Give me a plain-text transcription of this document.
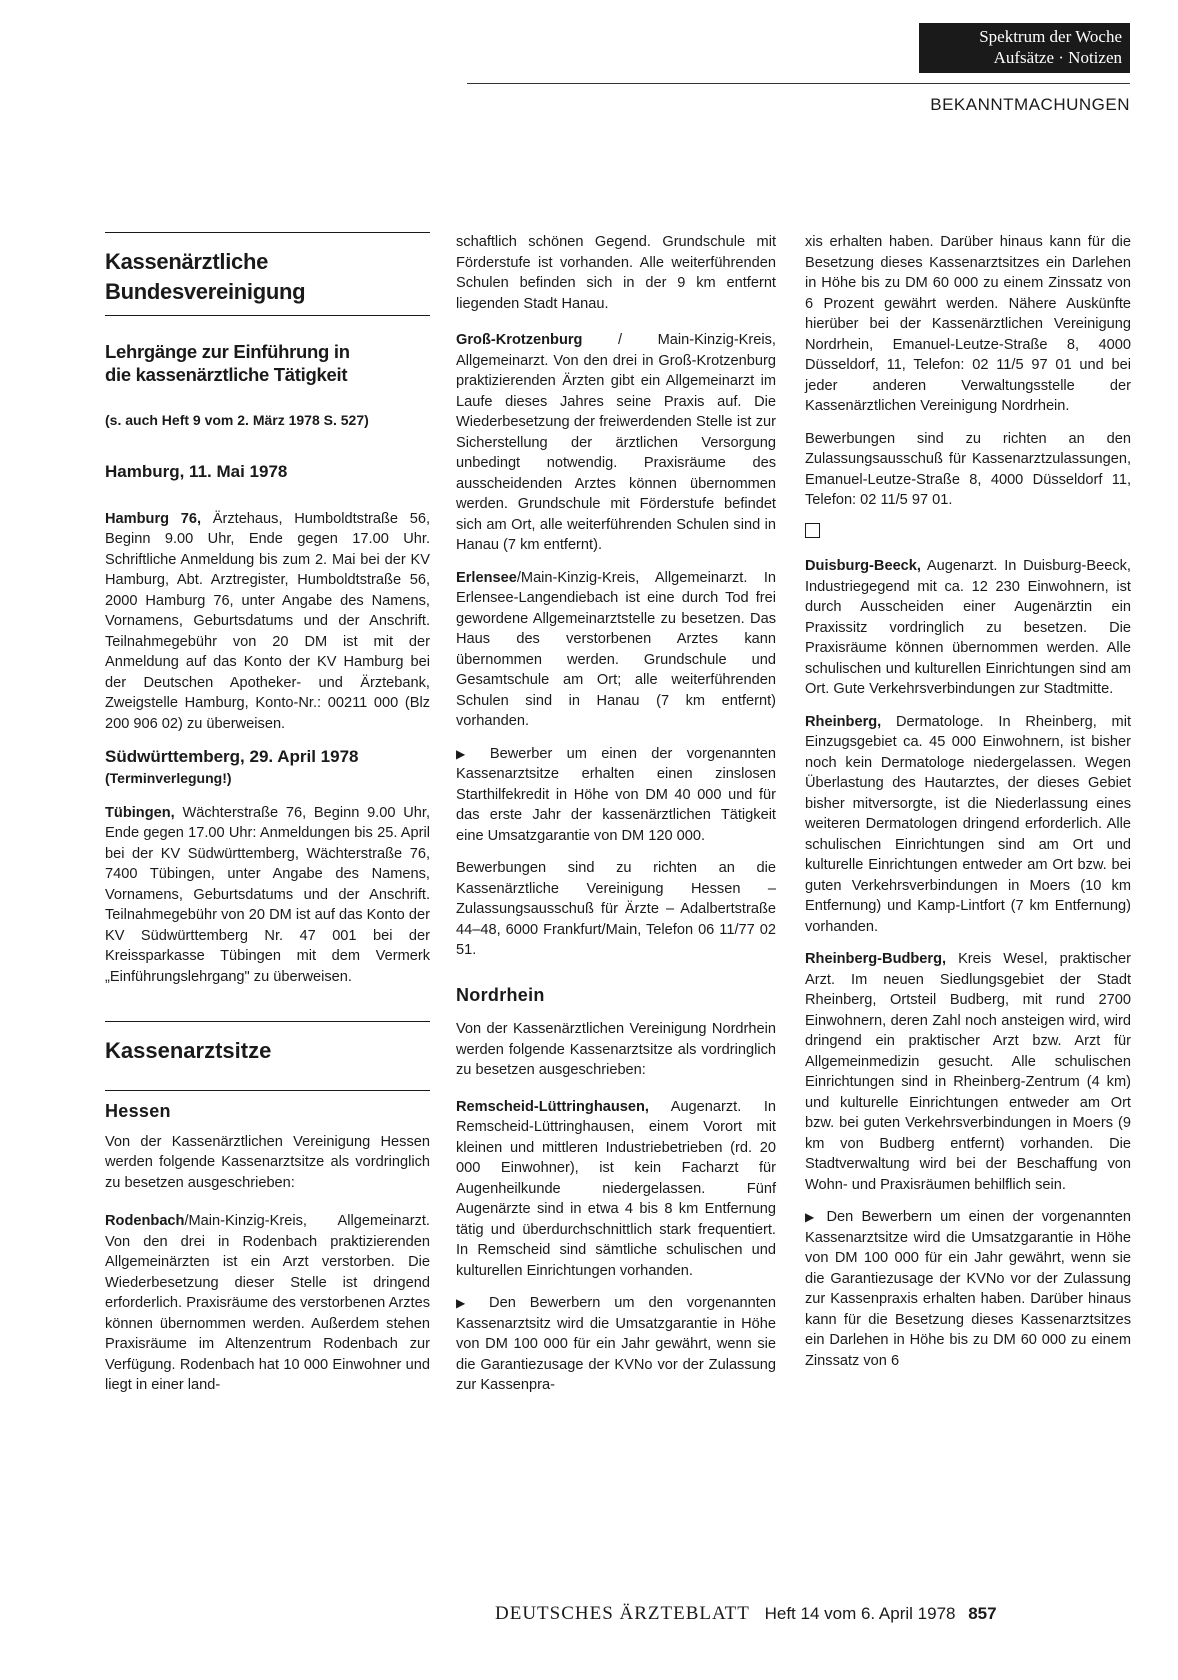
Spektrum der Woche
Aufsätze · Notizen
BEKANNTMACHUNGEN
Kassenärztliche Bundesvereinigung
Lehrgänge zur Einführung in die kassenärztliche Tätigkeit

(s. auch Heft 9 vom 2. März 1978 S. 527)

Hamburg, 11. Mai 1978

Hamburg 76, Ärztehaus, Humboldtstraße 56, Beginn 9.00 Uhr, Ende gegen 17.00 Uhr. Schriftliche Anmeldung bis zum 2. Mai bei der KV Hamburg, Abt. Arztregister, Humboldtstraße 56, 2000 Hamburg 76, unter Angabe des Namens, Vornamens, Geburtsdatums und der Anschrift. Teilnahmegebühr von 20 DM ist mit der Anmeldung auf das Konto der KV Hamburg bei der Deutschen Apotheker- und Ärztebank, Zweigstelle Hamburg, Konto-Nr.: 00211 000 (Blz 200 906 02) zu überweisen.

Südwürttemberg, 29. April 1978

(Terminverlegung!)

Tübingen, Wächterstraße 76, Beginn 9.00 Uhr, Ende gegen 17.00 Uhr: Anmeldungen bis 25. April bei der KV Südwürttemberg, Wächterstraße 76, 7400 Tübingen, unter Angabe des Namens, Vornamens, Geburtsdatums und der Anschrift. Teilnahmegebühr von 20 DM ist auf das Konto der KV Südwürttemberg Nr. 47 001 bei der Kreissparkasse Tübingen mit dem Vermerk „Einführungslehrgang" zu überweisen.

Kassenarztsitze

Hessen

Von der Kassenärztlichen Vereinigung Hessen werden folgende Kassenarztsitze als vordringlich zu besetzen ausgeschrieben:

Rodenbach/Main-Kinzig-Kreis, Allgemeinarzt. Von den drei in Rodenbach praktizierenden Allgemeinärzten ist ein Arzt verstorben. Die Wiederbesetzung dieser Stelle ist dringend erforderlich. Praxisräume des verstorbenen Arztes können übernommen werden. Außerdem stehen Praxisräume im Altenzentrum Rodenbach zur Verfügung. Rodenbach hat 10 000 Einwohner und liegt in einer land-

schaftlich schönen Gegend. Grundschule mit Förderstufe ist vorhanden. Alle weiterführenden Schulen befinden sich in der 9 km entfernt liegenden Stadt Hanau.

Groß-Krotzenburg / Main-Kinzig-Kreis, Allgemeinarzt. Von den drei in Groß-Krotzenburg praktizierenden Ärzten gibt ein Allgemeinarzt im Laufe dieses Jahres seine Praxis auf. Die Wiederbesetzung der freiwerdenden Stelle ist zur Sicherstellung der ärztlichen Versorgung unbedingt notwendig. Praxisräume des ausscheidenden Arztes können übernommen werden. Grundschule mit Förderstufe befindet sich am Ort, alle weiterführenden Schulen sind in Hanau (7 km entfernt).

Erlensee/Main-Kinzig-Kreis, Allgemeinarzt. In Erlensee-Langendiebach ist eine durch Tod frei gewordene Allgemeinarztstelle zu besetzen. Das Haus des verstorbenen Arztes kann übernommen werden. Grundschule und Gesamtschule am Ort; alle weiterführenden Schulen sind in Hanau (7 km entfernt) vorhanden.

▶ Bewerber um einen der vorgenannten Kassenarztsitze erhalten einen zinslosen Starthilfekredit in Höhe von DM 40 000 und für das erste Jahr der kassenärztlichen Tätigkeit eine Umsatzgarantie von DM 120 000.

Bewerbungen sind zu richten an die Kassenärztliche Vereinigung Hessen – Zulassungsausschuß für Ärzte – Adalbertstraße 44–48, 6000 Frankfurt/Main, Telefon 06 11/77 02 51.

Nordrhein

Von der Kassenärztlichen Vereinigung Nordrhein werden folgende Kassenarztsitze als vordringlich zu besetzen ausgeschrieben:

Remscheid-Lüttringhausen, Augenarzt. In Remscheid-Lüttringhausen, einem Vorort mit kleinen und mittleren Industriebetrieben (rd. 20 000 Einwohner), ist kein Facharzt für Augenheilkunde niedergelassen. Fünf Augenärzte sind in etwa 4 bis 8 km Entfernung tätig und überdurchschnittlich stark frequentiert. In Remscheid sind sämtliche schulischen und kulturellen Einrichtungen vorhanden.

▶ Den Bewerbern um den vorgenannten Kassenarztsitz wird die Umsatzgarantie in Höhe von DM 100 000 für ein Jahr gewährt, wenn sie die Garantiezusage der KVNo vor der Zulassung zur Kassenpra-

xis erhalten haben. Darüber hinaus kann für die Besetzung dieses Kassenarztsitzes ein Darlehen in Höhe bis zu DM 60 000 zu einem Zinssatz von 6 Prozent gewährt werden. Nähere Auskünfte hierüber bei der Kassenärztlichen Vereinigung Nordrhein, Emanuel-Leutze-Straße 8, 4000 Düsseldorf, 11, Telefon: 02 11/5 97 01 und bei jeder anderen Verwaltungsstelle der Kassenärztlichen Vereinigung Nordrhein.

Bewerbungen sind zu richten an den Zulassungsausschuß für Kassenarztzulassungen, Emanuel-Leutze-Straße 8, 4000 Düsseldorf 11, Telefon: 02 11/5 97 01.

Duisburg-Beeck, Augenarzt. In Duisburg-Beeck, Industriegegend mit ca. 12 230 Einwohnern, ist durch Ausscheiden einer Augenärztin ein Praxissitz vordringlich zu besetzen. Die Praxisräume können übernommen werden. Alle schulischen und kulturellen Einrichtungen sind am Ort. Gute Verkehrsverbindungen zur Stadtmitte.

Rheinberg, Dermatologe. In Rheinberg, mit Einzugsgebiet ca. 45 000 Einwohnern, ist bisher noch kein Dermatologe niedergelassen. Wegen Überlastung des Hautarztes, der dieses Gebiet bisher mitversorgte, ist die Niederlassung eines weiteren Dermatologen dringend erforderlich. Alle schulischen Einrichtungen sind am Ort und kulturelle Einrichtungen entweder am Ort bzw. bei guten Verkehrsverbindungen in Moers (10 km Entfernung) und Kamp-Lintfort (7 km Entfernung) vorhanden.

Rheinberg-Budberg, Kreis Wesel, praktischer Arzt. Im neuen Siedlungsgebiet der Stadt Rheinberg, Ortsteil Budberg, mit rund 2700 Einwohnern, deren Zahl noch ansteigen wird, wird dringend ein praktischer Arzt bzw. Arzt für Allgemeinmedizin gesucht. Alle schulischen Einrichtungen sind in Rheinberg-Zentrum (4 km) und kulturelle Einrichtungen entweder am Ort bzw. bei guten Verkehrsverbindungen in Moers (9 km von Budberg entfernt) vorhanden. Die Stadtverwaltung wird bei der Beschaffung von Wohn- und Praxisräumen behilflich sein.

▶ Den Bewerbern um einen der vorgenannten Kassenarztsitze wird die Umsatzgarantie in Höhe von DM 100 000 für ein Jahr gewährt, wenn sie die Garantiezusage der KVNo vor der Zulassung zur Kassenpraxis erhalten haben. Darüber hinaus kann für die Besetzung dieses Kassenarztsitzes ein Darlehen in Höhe bis zu DM 60 000 zu einem Zinssatz von 6

DEUTSCHES ÄRZTEBLATT Heft 14 vom 6. April 1978 857
